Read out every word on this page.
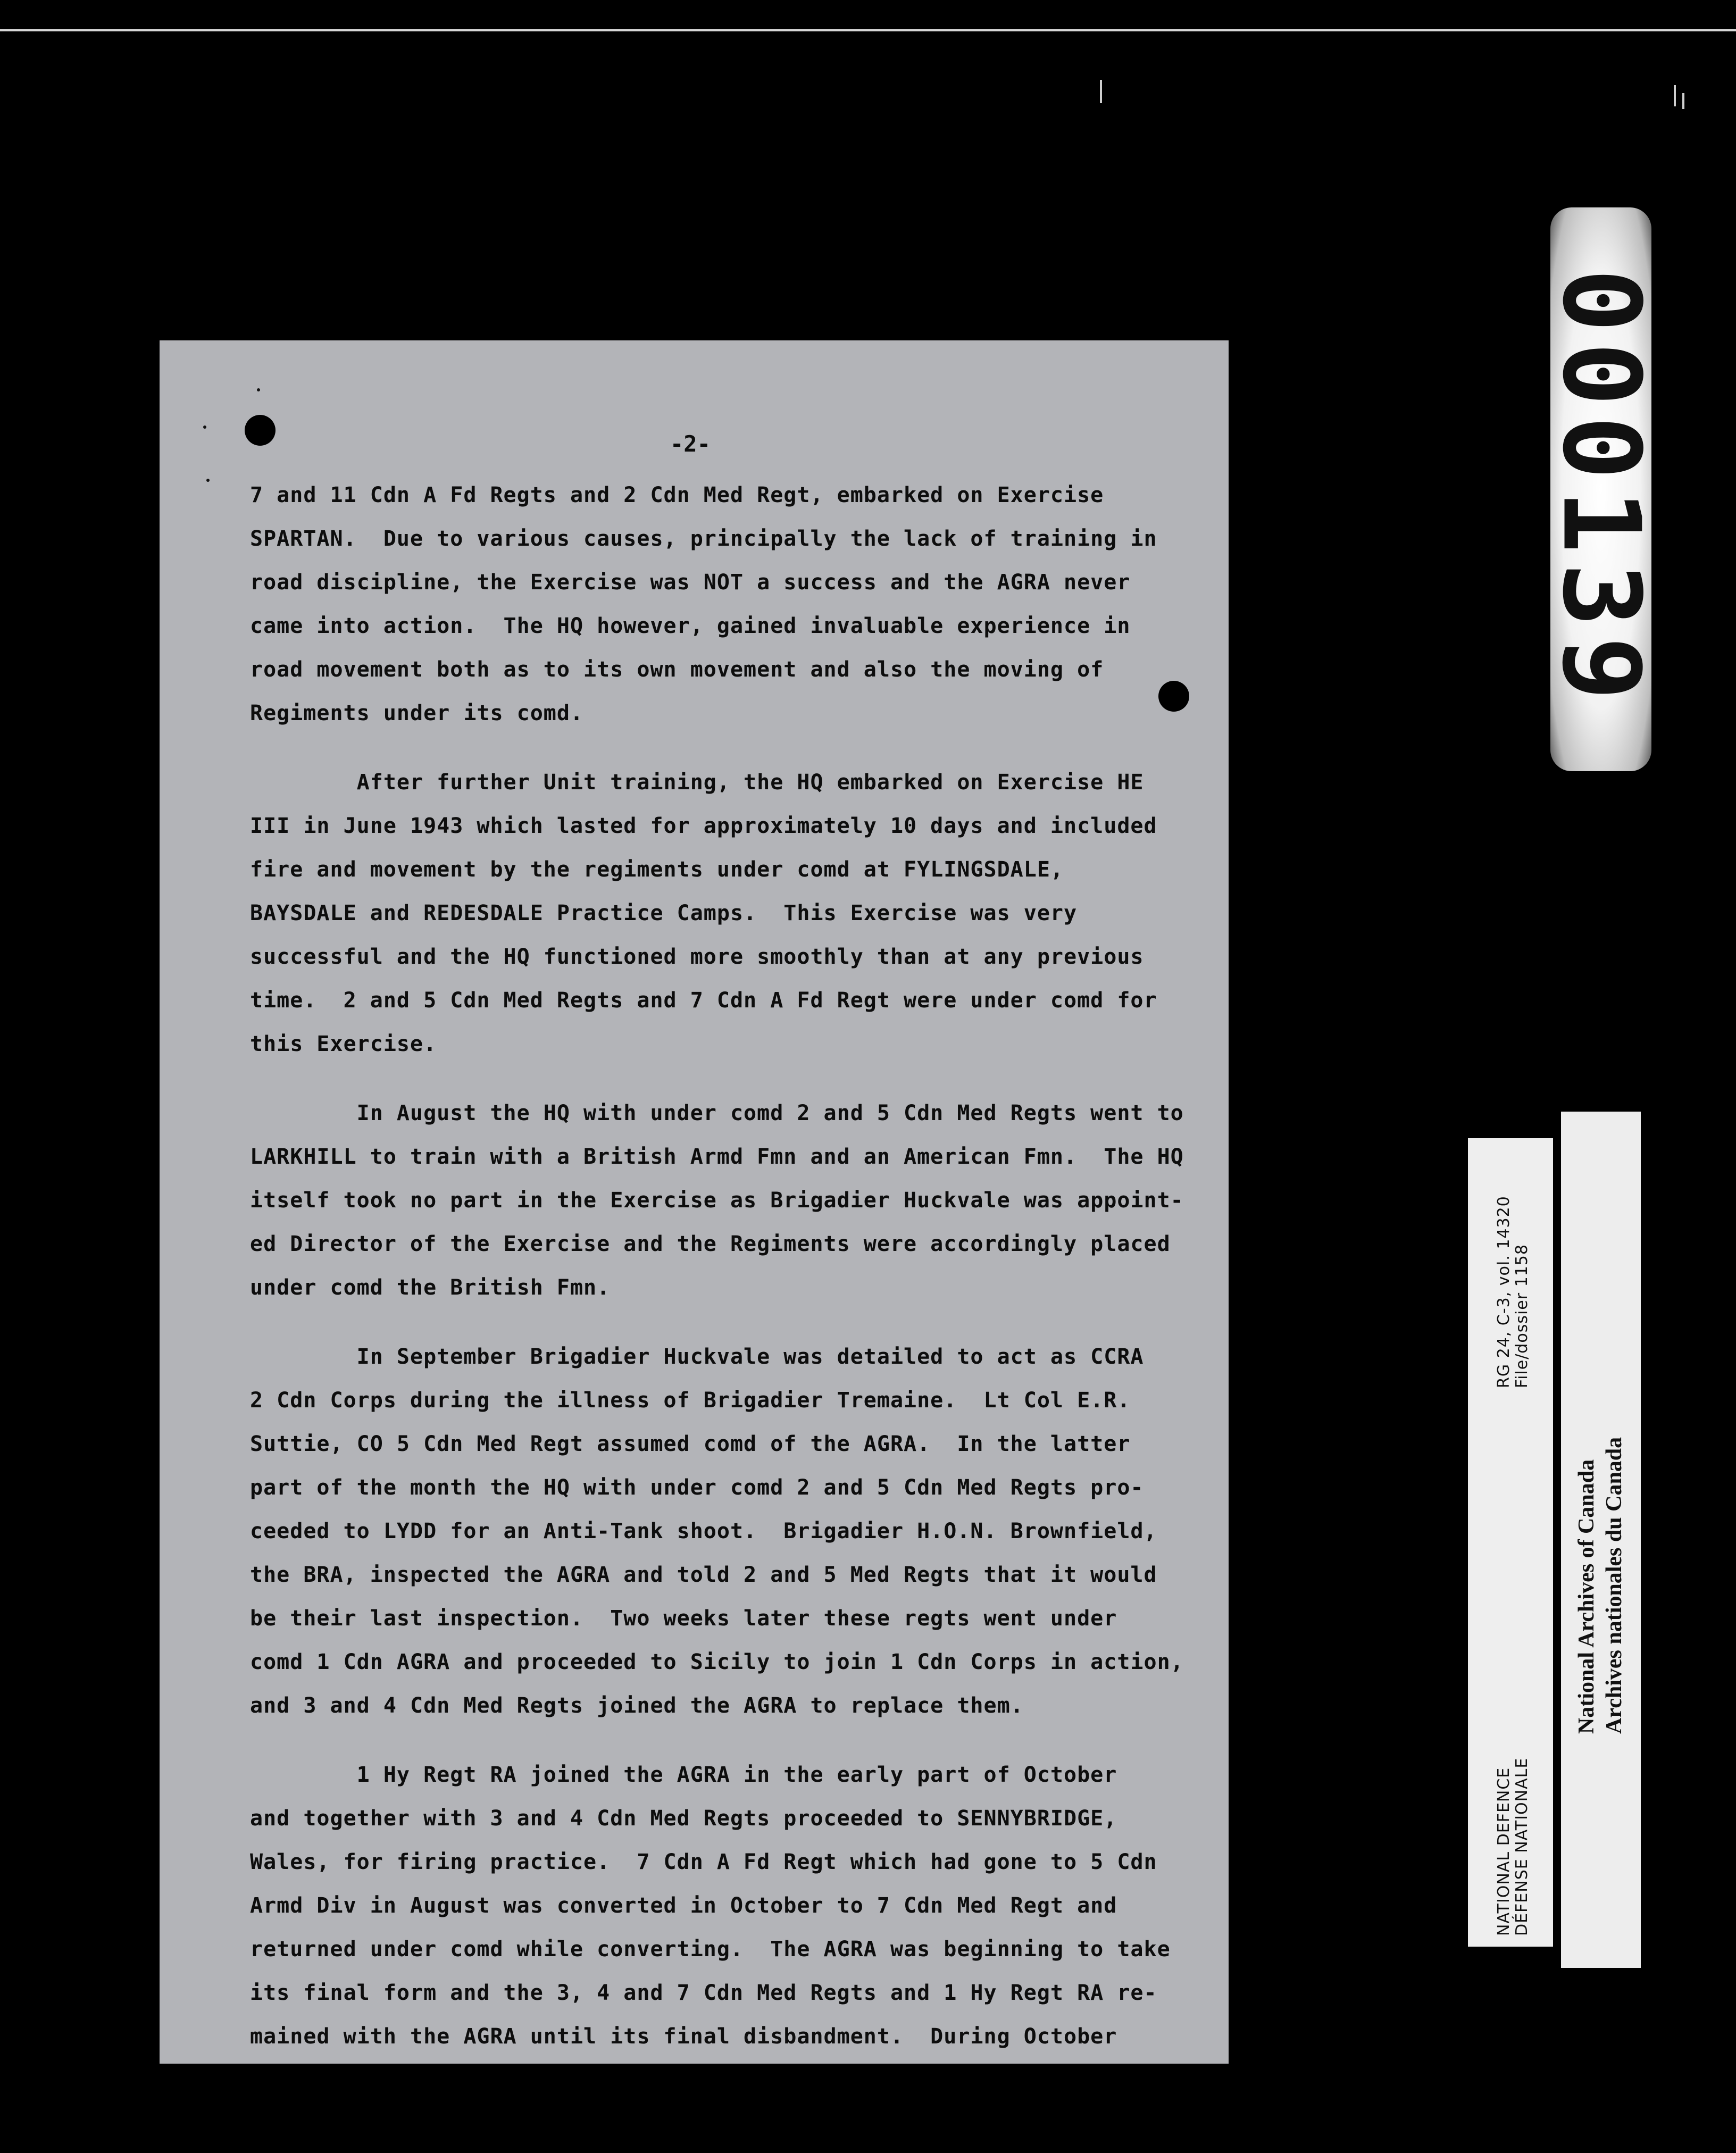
-2-
7 and 11 Cdn A Fd Regts and 2 Cdn Med Regt, embarked on Exercise
SPARTAN.  Due to various causes, principally the lack of training in
road discipline, the Exercise was NOT a success and the AGRA never
came into action.  The HQ however, gained invaluable experience in
road movement both as to its own movement and also the moving of
Regiments under its comd.
After further Unit training, the HQ embarked on Exercise HE
III in June 1943 which lasted for approximately 10 days and included
fire and movement by the regiments under comd at FYLINGSDALE,
BAYSDALE and REDESDALE Practice Camps.  This Exercise was very
successful and the HQ functioned more smoothly than at any previous
time.  2 and 5 Cdn Med Regts and 7 Cdn A Fd Regt were under comd for
this Exercise.
In August the HQ with under comd 2 and 5 Cdn Med Regts went to
LARKHILL to train with a British Armd Fmn and an American Fmn.  The HQ
itself took no part in the Exercise as Brigadier Huckvale was appoint-
ed Director of the Exercise and the Regiments were accordingly placed
under comd the British Fmn.
In September Brigadier Huckvale was detailed to act as CCRA
2 Cdn Corps during the illness of Brigadier Tremaine.  Lt Col E.R.
Suttie, CO 5 Cdn Med Regt assumed comd of the AGRA.  In the latter
part of the month the HQ with under comd 2 and 5 Cdn Med Regts pro-
ceeded to LYDD for an Anti-Tank shoot.  Brigadier H.O.N. Brownfield,
the BRA, inspected the AGRA and told 2 and 5 Med Regts that it would
be their last inspection.  Two weeks later these regts went under
comd 1 Cdn AGRA and proceeded to Sicily to join 1 Cdn Corps in action,
and 3 and 4 Cdn Med Regts joined the AGRA to replace them.
1 Hy Regt RA joined the AGRA in the early part of October
and together with 3 and 4 Cdn Med Regts proceeded to SENNYBRIDGE,
Wales, for firing practice.  7 Cdn A Fd Regt which had gone to 5 Cdn
Armd Div in August was converted in October to 7 Cdn Med Regt and
returned under comd while converting.  The AGRA was beginning to take
its final form and the 3, 4 and 7 Cdn Med Regts and 1 Hy Regt RA re-
mained with the AGRA until its final disbandment.  During October
000139
NATIONAL DEFENCE DÉFENSE NATIONALE
RG 24, C-3, vol. 14320 File/dossier 1158
National Archives of Canada Archives nationales du Canada
